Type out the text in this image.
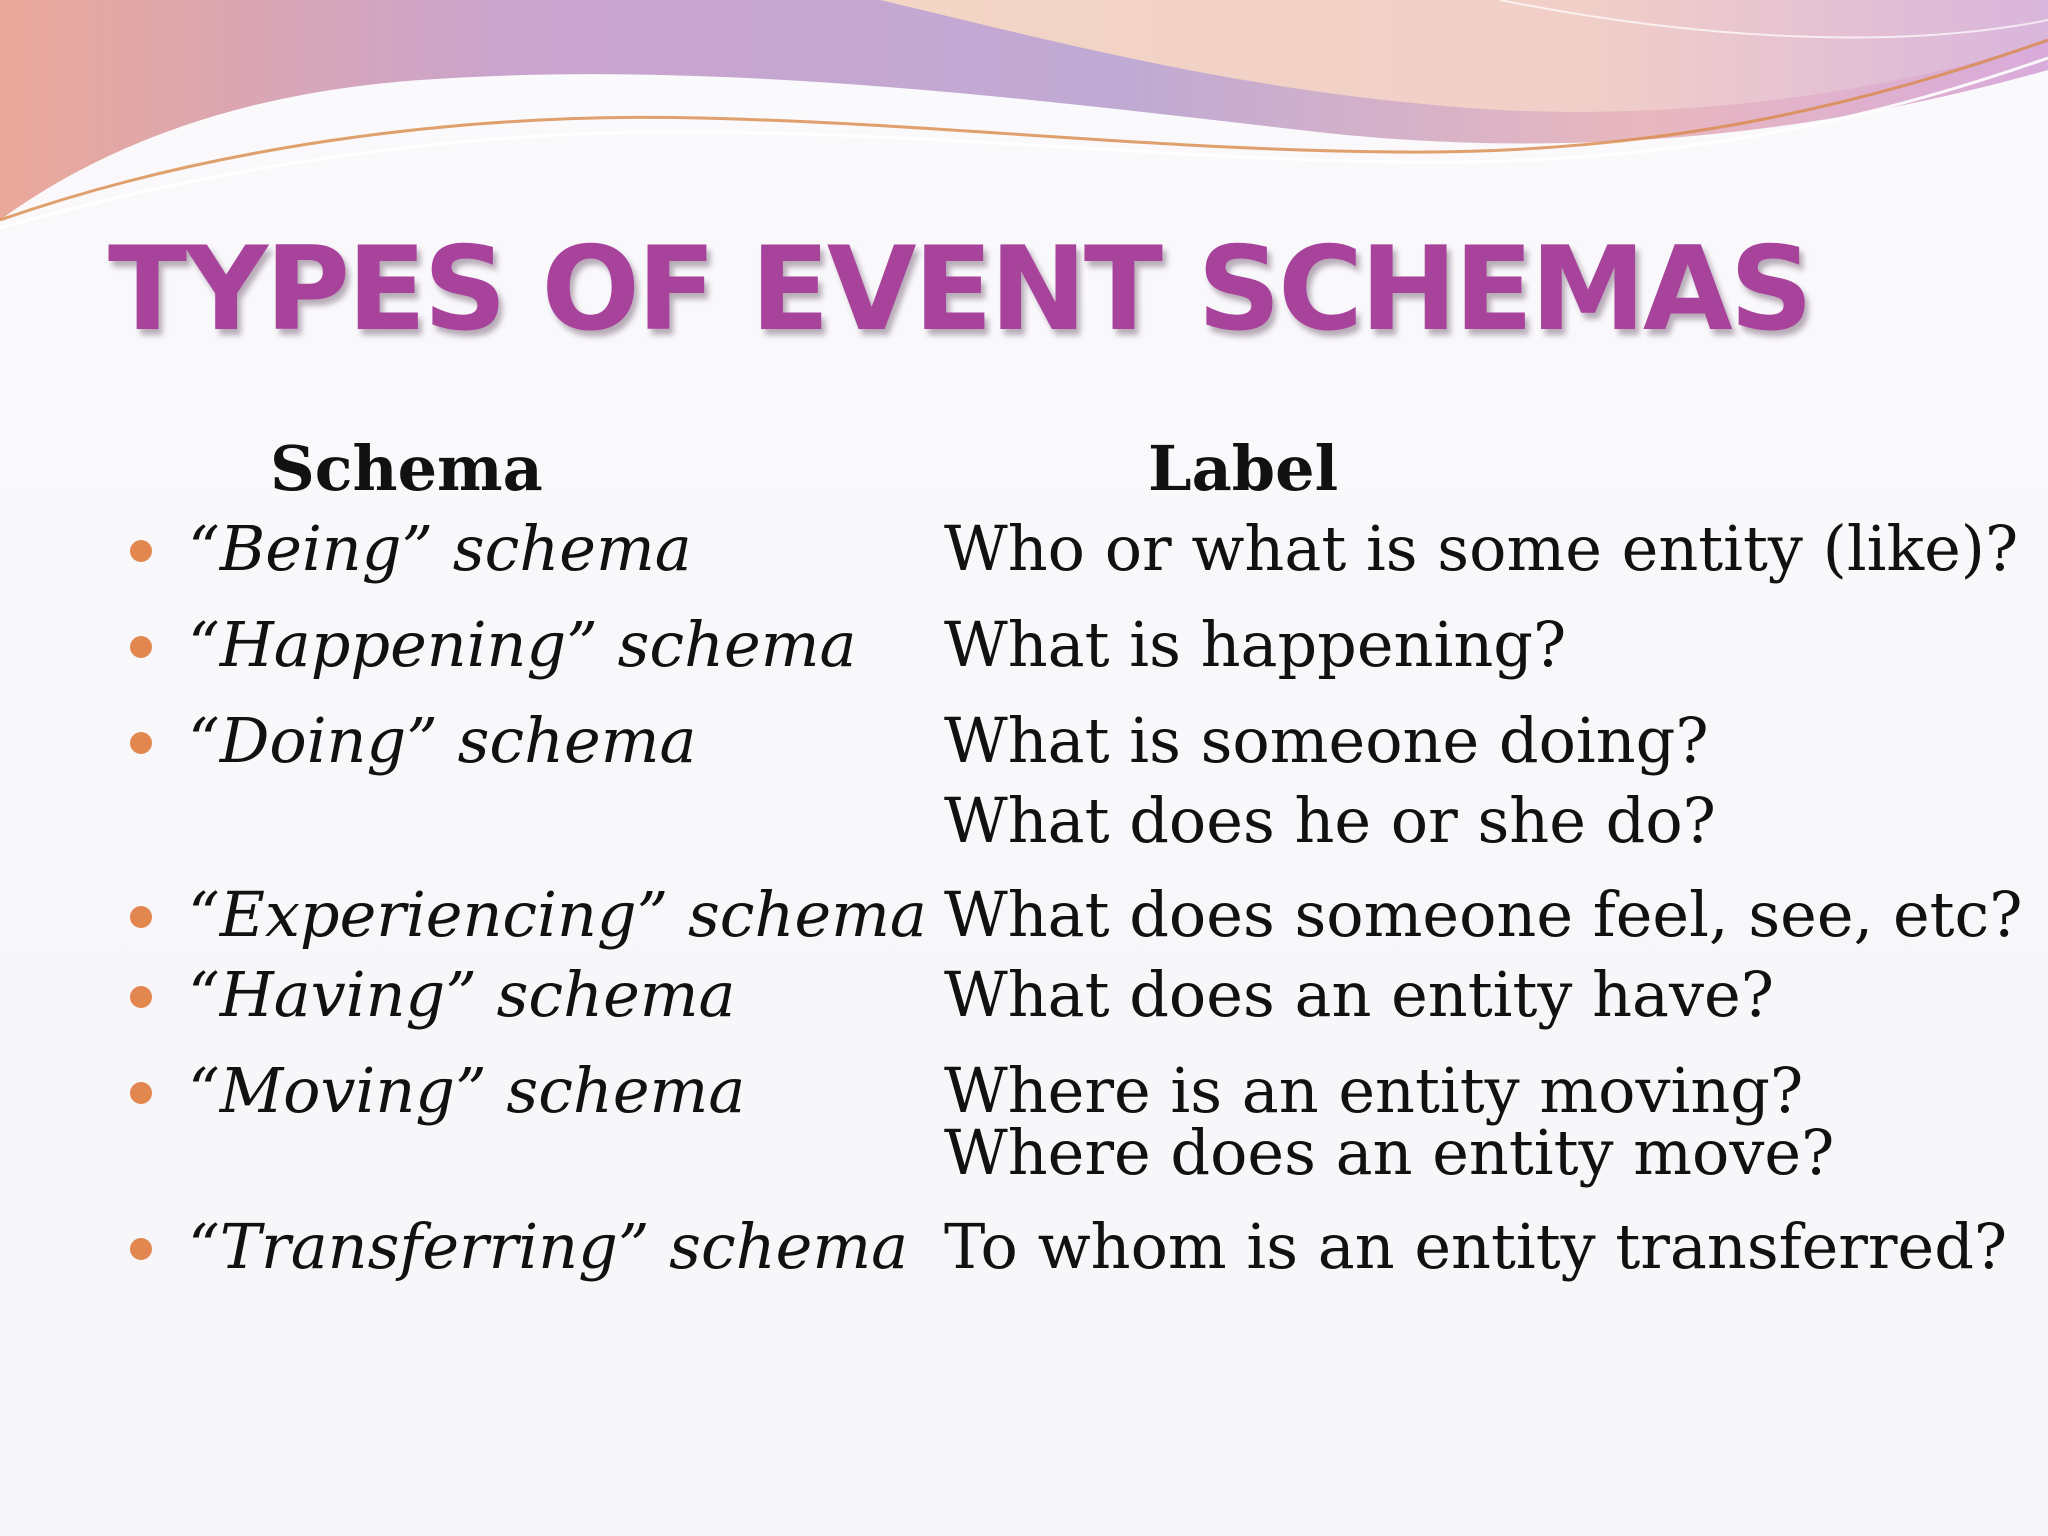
TYPES OF EVENT SCHEMAS
Schema	Label
“Being” schema	Who or what is some entity (like)?
“Happening” schema What is happening?
“Doing” schema	What is someone doing?
What does he or she do?
“Experiencing” schema What does someone feel, see, etc?
“Having” schema	What does an entity have?
“Moving” schema	Where is an entity moving?
Where does an entity move?
“Transferring” schema To whom is an entity transferred?
